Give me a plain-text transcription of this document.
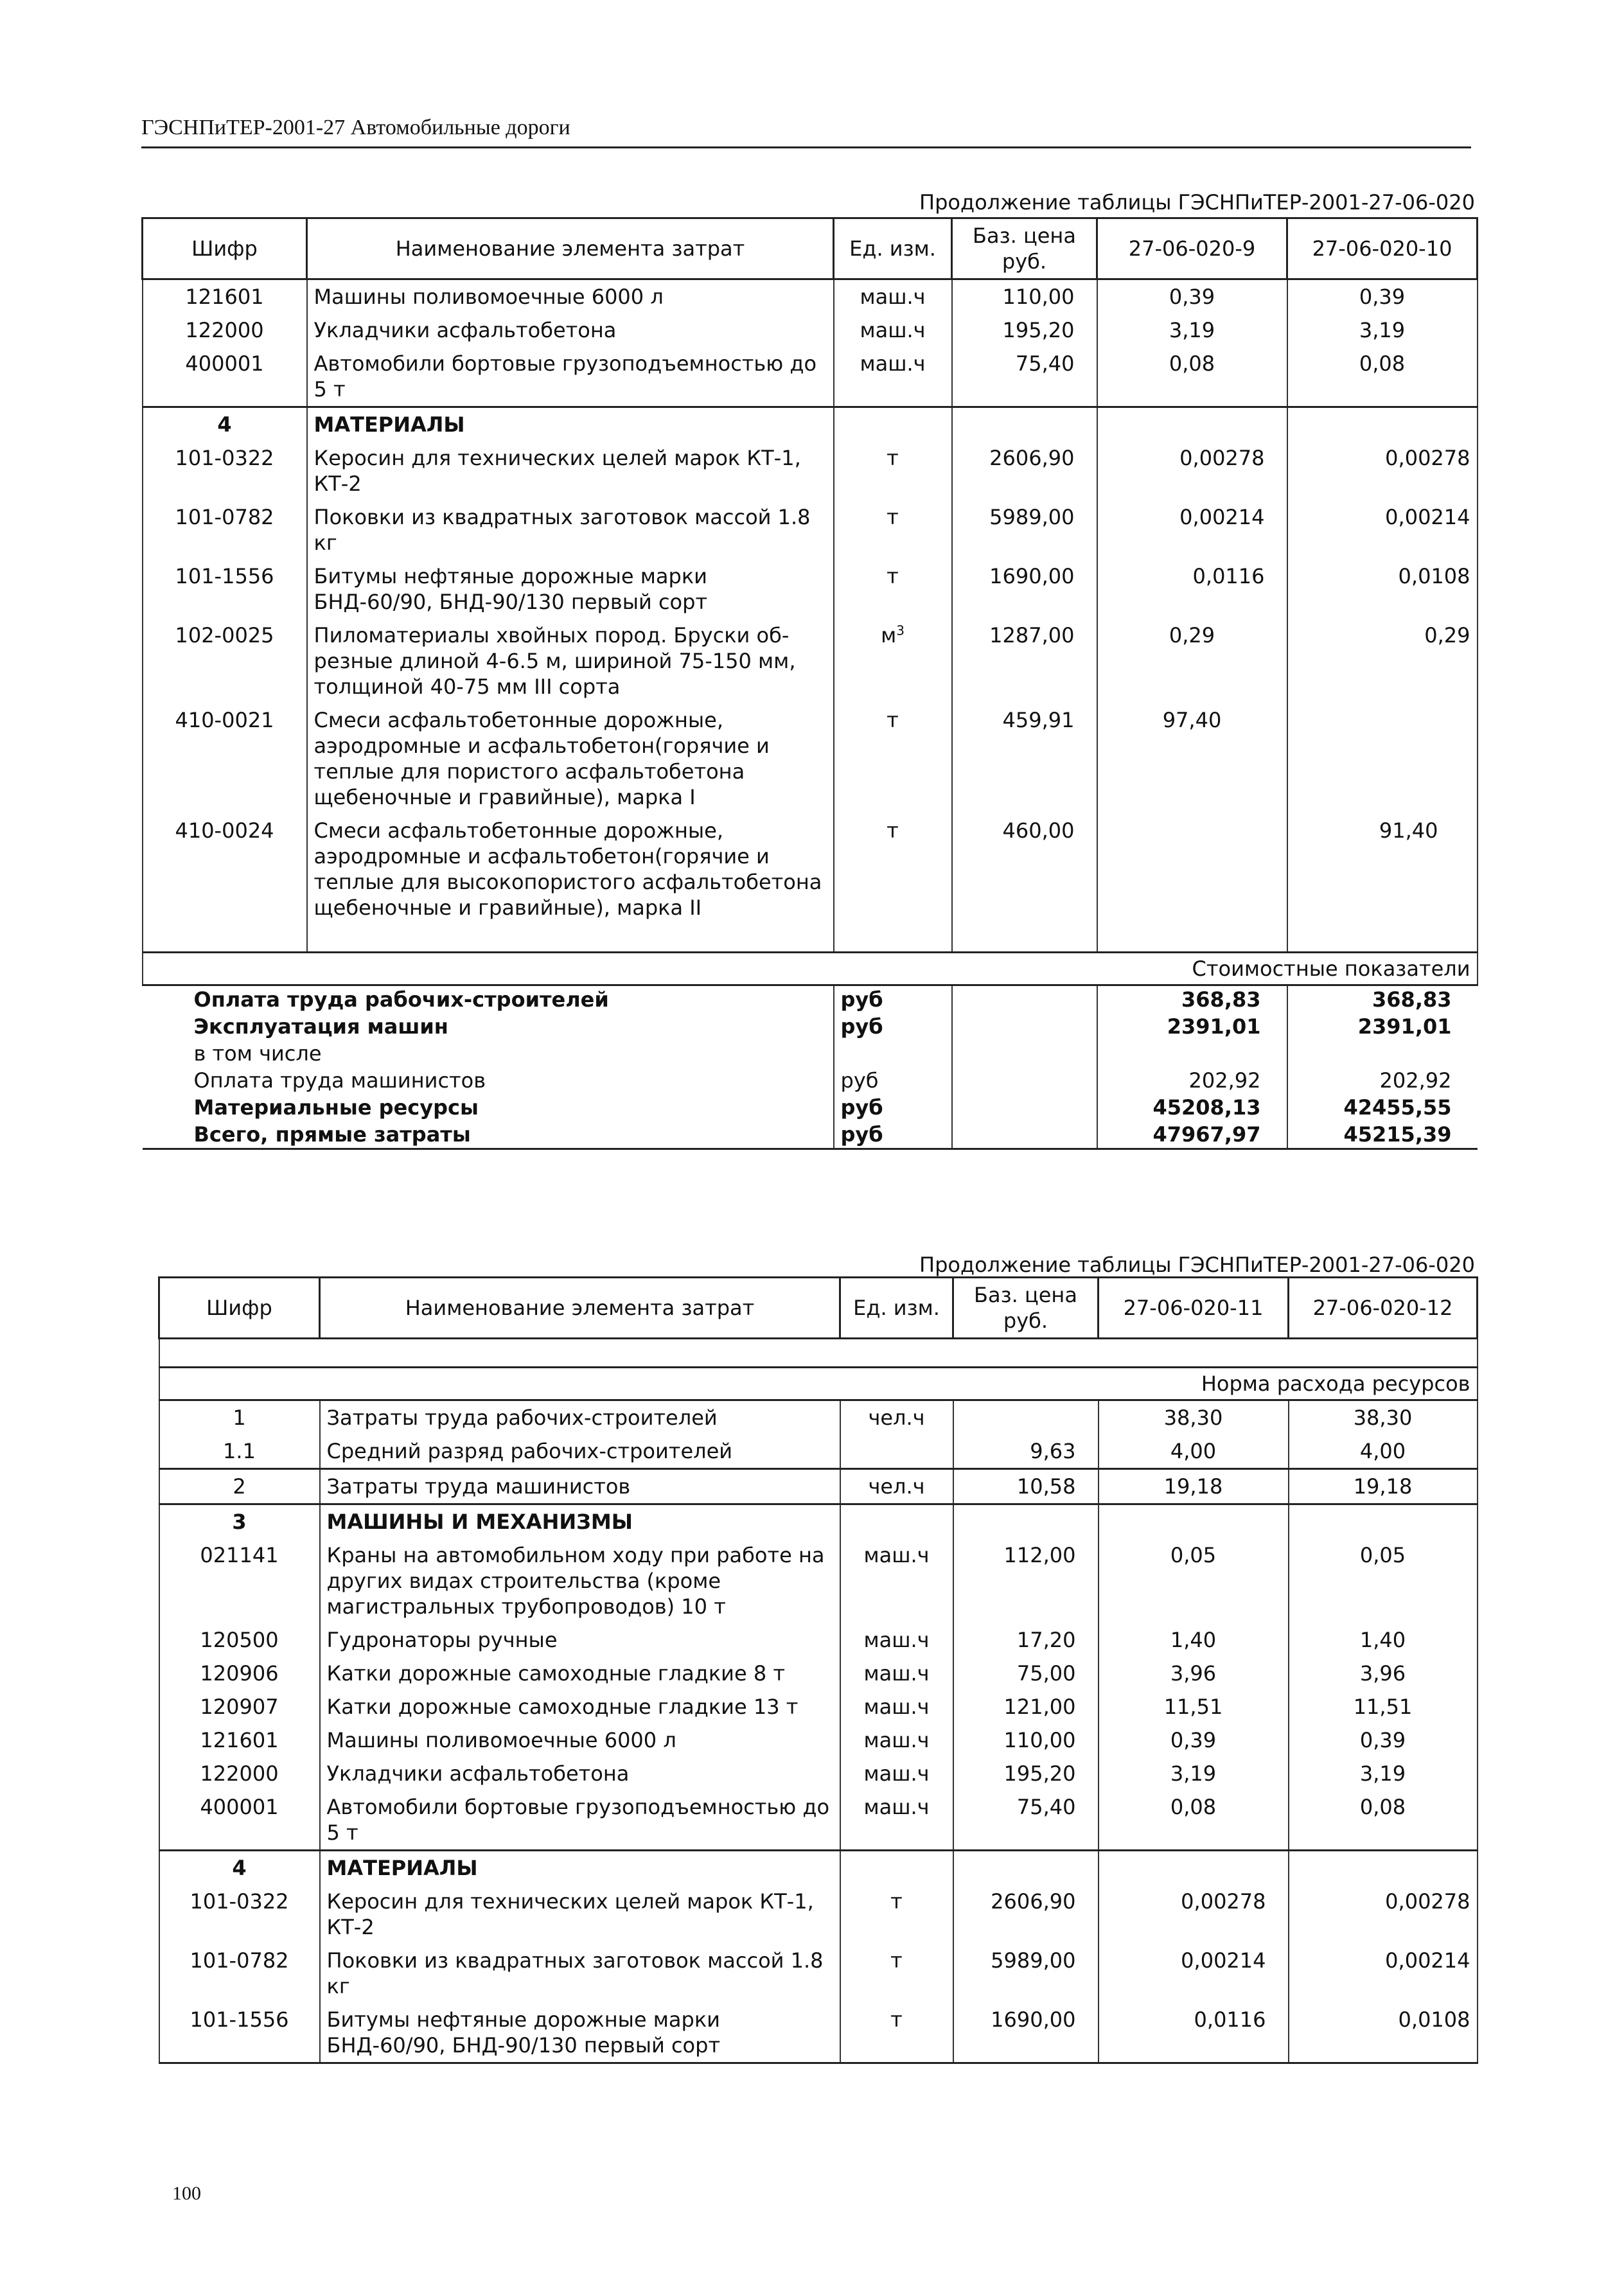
ГЭСНПиТЕР-2001-27 Автомобильные дороги
Продолжение таблицы ГЭСНПиТЕР-2001-27-06-020
Шифр	Наименование элемента затрат	Ед. изм.	Баз. цена руб.	27-06-020-9	27-06-020-10
121601	Машины поливомоечные 6000 л	маш.ч	110,00	0,39	0,39
122000	Укладчики асфальтобетона	маш.ч	195,20	3,19	3,19
400001	Автомобили бортовые грузоподъемностью до 5 т	маш.ч	75,40	0,08	0,08
4	МАТЕРИАЛЫ				
101-0322	Керосин для технических целей марок КТ-1, КТ-2	т	2606,90	0,00278	0,00278
101-0782	Поковки из квадратных заготовок массой 1.8 кг	т	5989,00	0,00214	0,00214
101-1556	Битумы нефтяные дорожные марки БНД-60/90, БНД-90/130 первый сорт	т	1690,00	0,0116	0,0108
102-0025	Пиломатериалы хвойных пород. Бруски об-резные длиной 4-6.5 м, шириной 75-150 мм, толщиной 40-75 мм III сорта	$м^3$	1287,00	0,29	0,29
410-0021	Смеси асфальтобетонные дорожные, аэродромные и асфальтобетон(горячие и теплые для пористого асфальтобетона щебеночные и гравийные), марка I	т	459,91	97,40	
410-0024	Смеси асфальтобетонные дорожные, аэродромные и асфальтобетон(горячие и теплые для высокопористого асфальтобетона щебеночные и гравийные), марка II	т	460,00		91,40

Стоимостные показатели					
Оплата труда рабочих-строителей		руб		368,83	368,83
Эксплуатация машин		руб		2391,01	2391,01
в том числе					
Оплата труда машинистов		руб		202,92	202,92
Материальные ресурсы		руб		45208,13	42455,55
Всего, прямые затраты		руб		47967,97	45215,39
Продолжение таблицы ГЭСНПиТЕР-2001-27-06-020
Шифр	Наименование элемента затрат	Ед. изм.	Баз. цена руб.	27-06-020-11	27-06-020-12

Норма расхода ресурсов					
1	Затраты труда рабочих-строителей	чел.ч		38,30	38,30
1.1	Средний разряд рабочих-строителей		9,63	4,00	4,00
2	Затраты труда машинистов	чел.ч	10,58	19,18	19,18
3	МАШИНЫ И МЕХАНИЗМЫ				
021141	Краны на автомобильном ходу при работе на других видах строительства (кроме магистральных трубопроводов) 10 т	маш.ч	112,00	0,05	0,05
120500	Гудронаторы ручные	маш.ч	17,20	1,40	1,40
120906	Катки дорожные самоходные гладкие 8 т	маш.ч	75,00	3,96	3,96
120907	Катки дорожные самоходные гладкие 13 т	маш.ч	121,00	11,51	11,51
121601	Машины поливомоечные 6000 л	маш.ч	110,00	0,39	0,39
122000	Укладчики асфальтобетона	маш.ч	195,20	3,19	3,19
400001	Автомобили бортовые грузоподъемностью до 5 т	маш.ч	75,40	0,08	0,08
4	МАТЕРИАЛЫ				
101-0322	Керосин для технических целей марок КТ-1, КТ-2	т	2606,90	0,00278	0,00278
101-0782	Поковки из квадратных заготовок массой 1.8 кг	т	5989,00	0,00214	0,00214
101-1556	Битумы нефтяные дорожные марки БНД-60/90, БНД-90/130 первый сорт	т	1690,00	0,0116	0,0108
100
